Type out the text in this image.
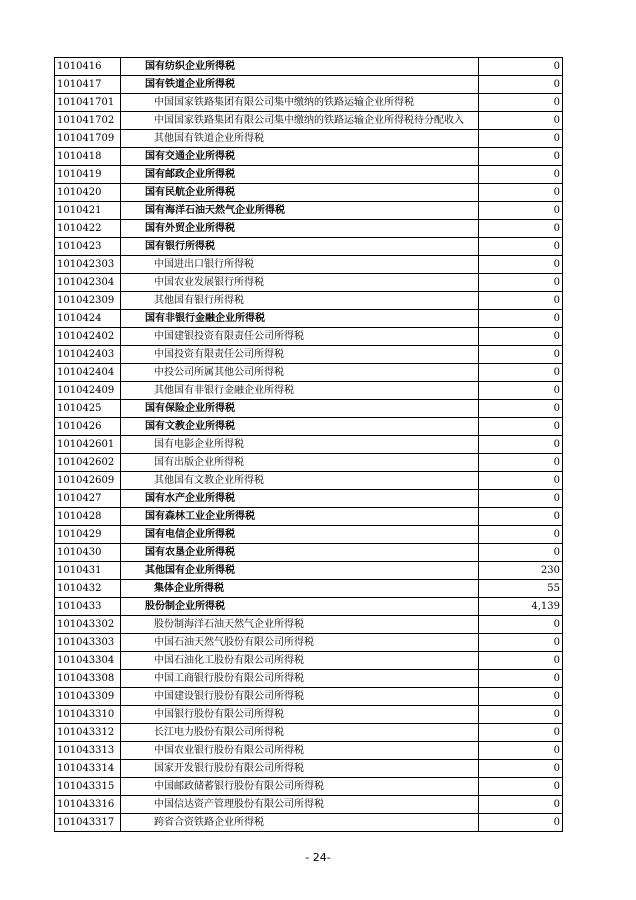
1010416	国有纺织企业所得税	0
1010417	国有铁道企业所得税	0
101041701	中国国家铁路集团有限公司集中缴纳的铁路运输企业所得税	0
101041702	中国国家铁路集团有限公司集中缴纳的铁路运输企业所得税待分配收入	0
101041709	其他国有铁道企业所得税	0
1010418	国有交通企业所得税	0
1010419	国有邮政企业所得税	0
1010420	国有民航企业所得税	0
1010421	国有海洋石油天然气企业所得税	0
1010422	国有外贸企业所得税	0
1010423	国有银行所得税	0
101042303	中国进出口银行所得税	0
101042304	中国农业发展银行所得税	0
101042309	其他国有银行所得税	0
1010424	国有非银行金融企业所得税	0
101042402	中国建银投资有限责任公司所得税	0
101042403	中国投资有限责任公司所得税	0
101042404	中投公司所属其他公司所得税	0
101042409	其他国有非银行金融企业所得税	0
1010425	国有保险企业所得税	0
1010426	国有文教企业所得税	0
101042601	国有电影企业所得税	0
101042602	国有出版企业所得税	0
101042609	其他国有文教企业所得税	0
1010427	国有水产企业所得税	0
1010428	国有森林工业企业所得税	0
1010429	国有电信企业所得税	0
1010430	国有农垦企业所得税	0
1010431	其他国有企业所得税	230
1010432	集体企业所得税	55
1010433	股份制企业所得税	4,139
101043302	股份制海洋石油天然气企业所得税	0
101043303	中国石油天然气股份有限公司所得税	0
101043304	中国石油化工股份有限公司所得税	0
101043308	中国工商银行股份有限公司所得税	0
101043309	中国建设银行股份有限公司所得税	0
101043310	中国银行股份有限公司所得税	0
101043312	长江电力股份有限公司所得税	0
101043313	中国农业银行股份有限公司所得税	0
101043314	国家开发银行股份有限公司所得税	0
101043315	中国邮政储蓄银行股份有限公司所得税	0
101043316	中国信达资产管理股份有限公司所得税	0
101043317	跨省合资铁路企业所得税	0
- 24-
